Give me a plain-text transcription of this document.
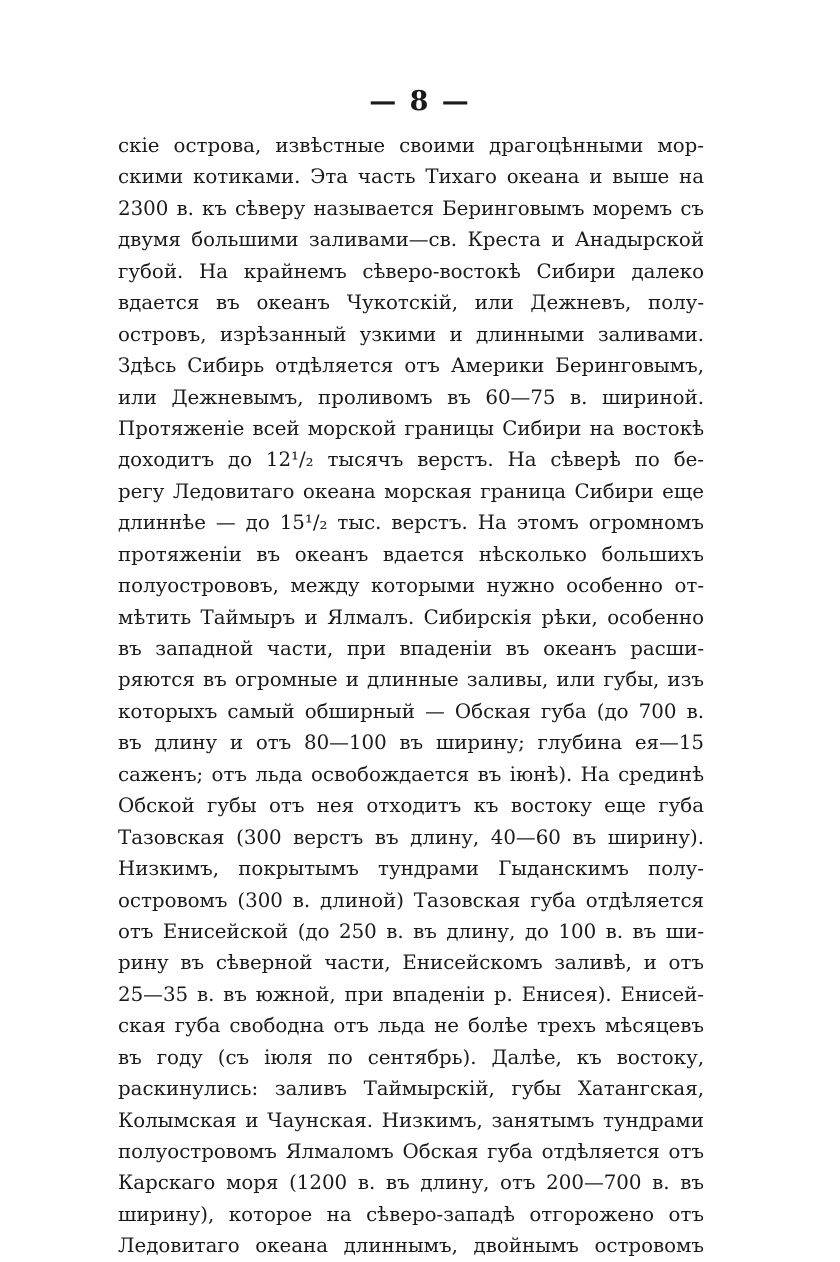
— 8 —
скіе острова, извѣстные своими драгоцѣнными мор-
скими котиками. Эта часть Тихаго океана и выше на
2300 в. къ сѣверу называется Беринговымъ моремъ съ
двумя большими заливами—св. Креста и Анадырской
губой. На крайнемъ сѣверо-востокѣ Сибири далеко
вдается въ океанъ Чукотскій, или Дежневъ, полу-
островъ, изрѣзанный узкими и длинными заливами.
Здѣсь Сибирь отдѣляется отъ Америки Беринговымъ,
или Дежневымъ, проливомъ въ 60—75 в. шириной.
Протяженіе всей морской границы Сибири на востокѣ
доходитъ до 12¹/₂ тысячъ верстъ. На сѣверѣ по бе-
регу Ледовитаго океана морская граница Сибири еще
длиннѣе — до 15¹/₂ тыс. верстъ. На этомъ огромномъ
протяженіи въ океанъ вдается нѣсколько большихъ
полуострововъ, между которыми нужно особенно от-
мѣтить Таймыръ и Ялмалъ. Сибирскія рѣки, особенно
въ западной части, при впаденіи въ океанъ расши-
ряются въ огромные и длинные заливы, или губы, изъ
которыхъ самый обширный — Обская губа (до 700 в.
въ длину и отъ 80—100 въ ширину; глубина ея—15
саженъ; отъ льда освобождается въ іюнѣ). На срединѣ
Обской губы отъ нея отходитъ къ востоку еще губа
Тазовская (300 верстъ въ длину, 40—60 въ ширину).
Низкимъ, покрытымъ тундрами Гыданскимъ полу-
островомъ (300 в. длиной) Тазовская губа отдѣляется
отъ Енисейской (до 250 в. въ длину, до 100 в. въ ши-
рину въ сѣверной части, Енисейскомъ заливѣ, и отъ
25—35 в. въ южной, при впаденіи р. Енисея). Енисей-
ская губа свободна отъ льда не болѣе трехъ мѣсяцевъ
въ году (съ іюля по сентябрь). Далѣе, къ востоку,
раскинулись: заливъ Таймырскій, губы Хатангская,
Колымская и Чаунская. Низкимъ, занятымъ тундрами
полуостровомъ Ялмаломъ Обская губа отдѣляется отъ
Карскаго моря (1200 в. въ длину, отъ 200—700 в. въ
ширину), которое на сѣверо-западѣ отгорожено отъ
Ледовитаго океана длиннымъ, двойнымъ островомъ
